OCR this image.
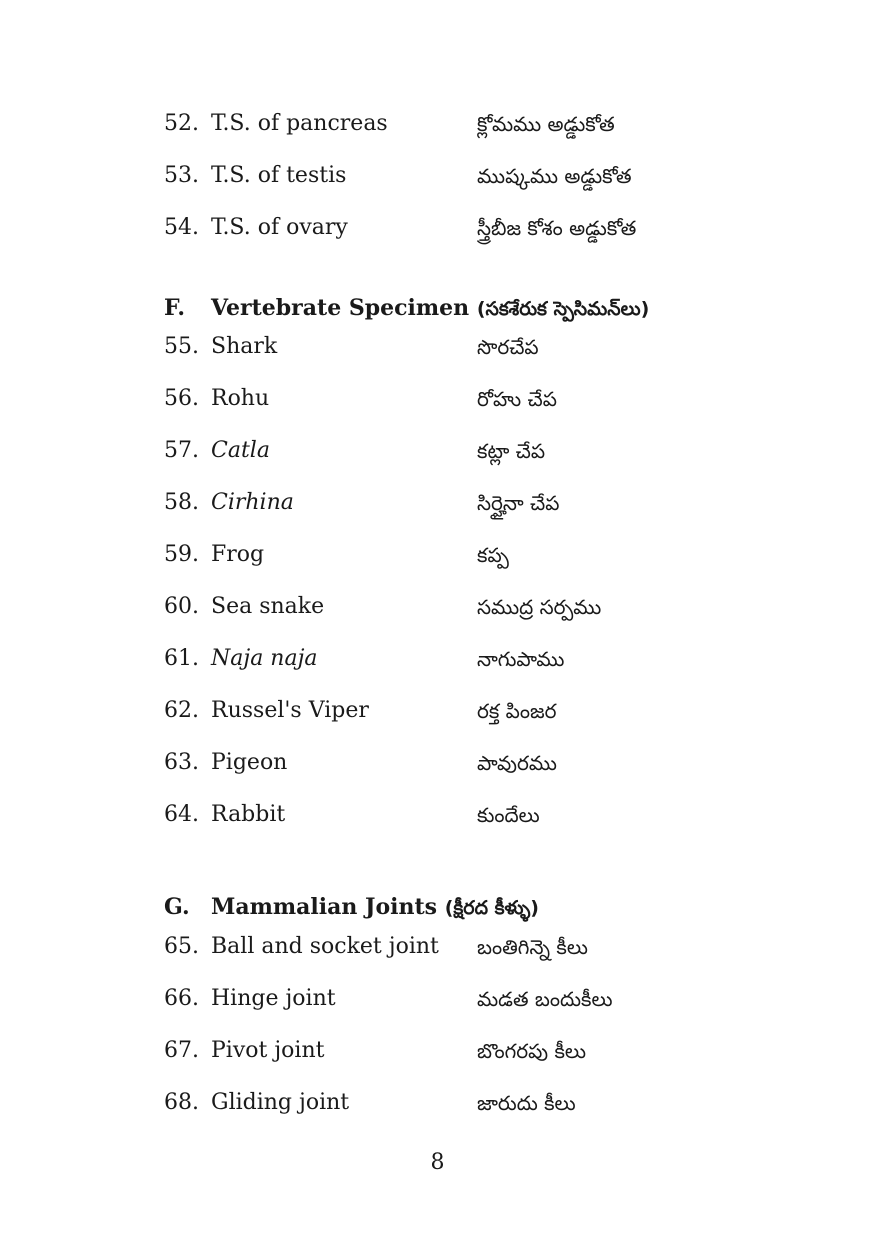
52. T.S. of pancreas	క్లోమము అడ్డుకోత
53. T.S. of testis	ముష్కము అడ్డుకోత
54. T.S. of ovary	స్త్రీబీజ కోశం అడ్డుకోత
F. Vertebrate Specimen (సకశేరుక స్పెసిమన్‌లు)
55. Shark	సొరచేప
56. Rohu	రోహు చేప
57. Catla	కట్లా చేప
58. Cirhina	సిర్హైనా చేప
59. Frog	కప్ప
60. Sea snake	సముద్ర సర్పము
61. Naja naja	నాగుపాము
62. Russel's Viper	రక్త పింజర
63. Pigeon	పావురము
64. Rabbit	కుందేలు
G. Mammalian Joints (క్షీరద కీళ్ళు)
65. Ball and socket joint బంతిగిన్నె కీలు
66. Hinge joint	మడత బందుకీలు
67. Pivot joint	బొంగరపు కీలు
68. Gliding joint	జారుదు కీలు
8
